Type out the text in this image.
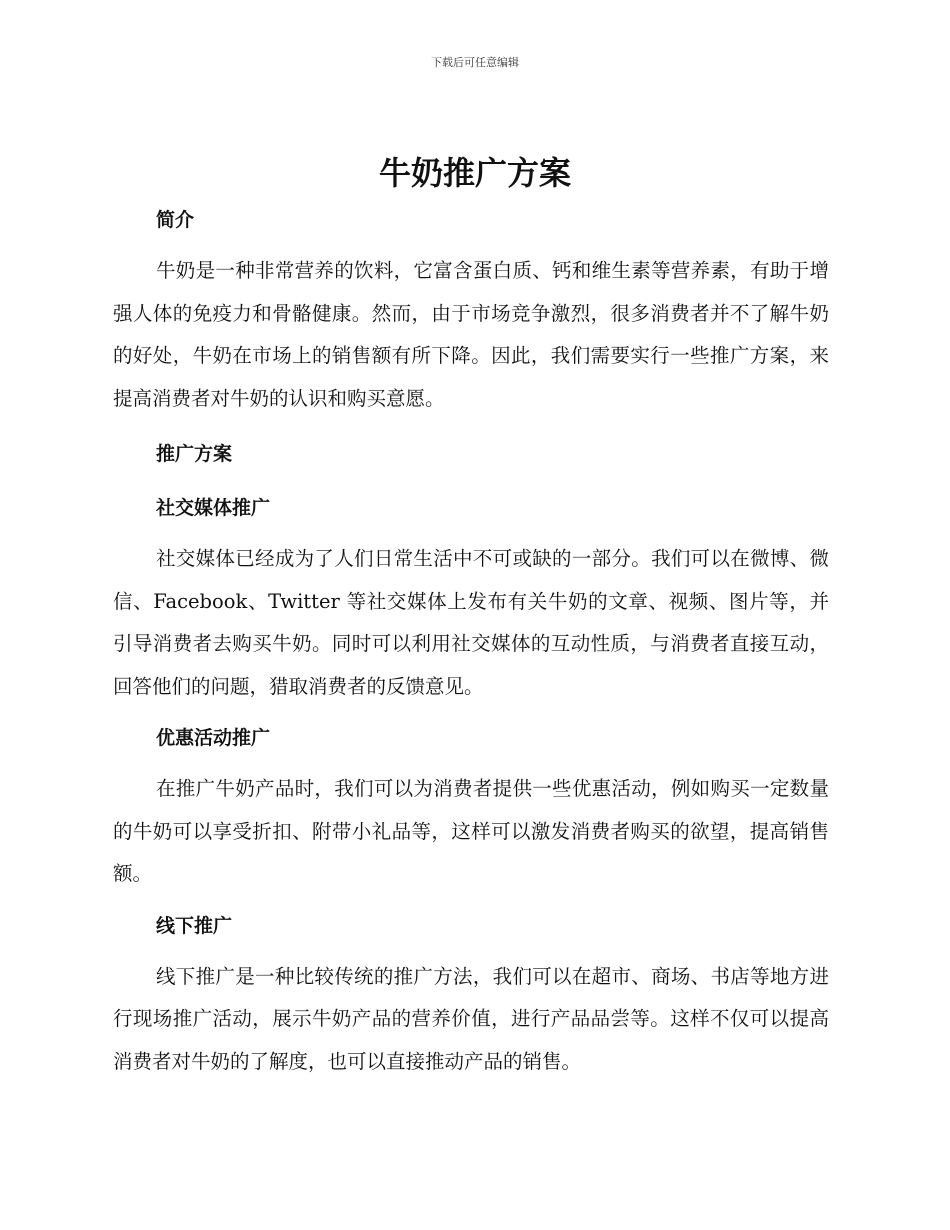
下载后可任意编辑
牛奶推广方案
简介

牛奶是一种非常营养的饮料，它富含蛋白质、钙和维生素等营养素，有助于增强人体的免疫力和骨骼健康。然而，由于市场竞争激烈，很多消费者并不了解牛奶的好处，牛奶在市场上的销售额有所下降。因此，我们需要实行一些推广方案，来提高消费者对牛奶的认识和购买意愿。

推广方案
社交媒体推广

社交媒体已经成为了人们日常生活中不可或缺的一部分。我们可以在微博、微信、Facebook、Twitter 等社交媒体上发布有关牛奶的文章、视频、图片等，并引导消费者去购买牛奶。同时可以利用社交媒体的互动性质，与消费者直接互动，回答他们的问题，猎取消费者的反馈意见。

优惠活动推广

在推广牛奶产品时，我们可以为消费者提供一些优惠活动，例如购买一定数量的牛奶可以享受折扣、附带小礼品等，这样可以激发消费者购买的欲望，提高销售额。

线下推广

线下推广是一种比较传统的推广方法，我们可以在超市、商场、书店等地方进行现场推广活动，展示牛奶产品的营养价值，进行产品品尝等。这样不仅可以提高消费者对牛奶的了解度，也可以直接推动产品的销售。
